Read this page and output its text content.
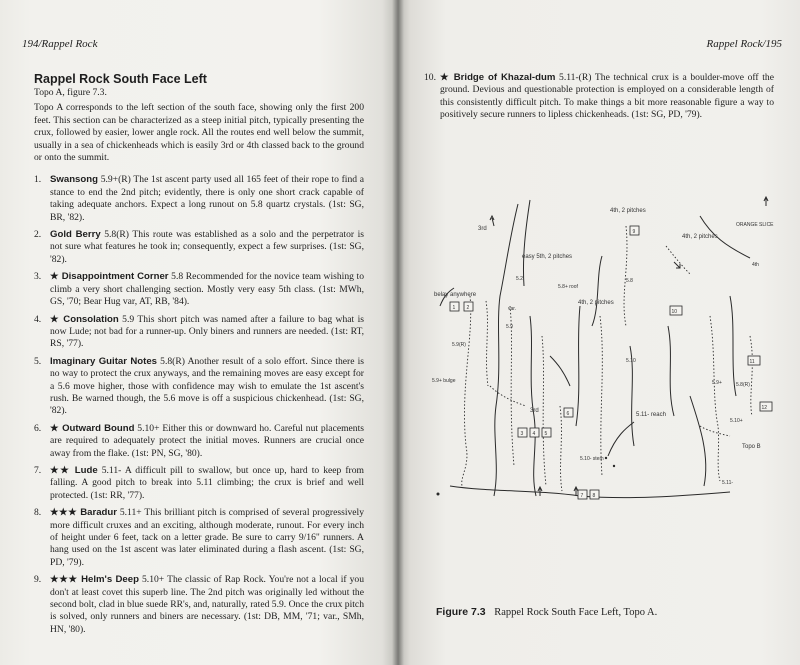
194/Rappel Rock
Rappel Rock South Face Left

Topo A, figure 7.3.

Topo A corresponds to the left section of the south face, showing only the first 200 feet. This section can be characterized as a steep initial pitch, typically presenting the crux, followed by easier, lower angle rock. All the routes end well below the summit, usually in a sea of chickenheads which is easily 3rd or 4th classed back to the ground or onto the summit.

1. Swansong 5.9+(R) The 1st ascent party used all 165 feet of their rope to find a stance to end the 2nd pitch; evidently, there is only one short crack capable of taking adequate anchors. Expect a long runout on 5.8 quartz crystals. (1st: SG, BR, '82).
2. Gold Berry 5.8(R) This route was established as a solo and the perpetrator is not sure what features he took in; consequently, expect a few surprises. (1st: SG, '82).
3. ★ Disappointment Corner 5.8 Recommended for the novice team wishing to climb a very short challenging section. Mostly very easy 5th class. (1st: MWh, GS, '70; Bear Hug var, AT, RB, '84).
4. ★ Consolation 5.9 This short pitch was named after a failure to bag what is now Lude; not bad for a runner-up. Only biners and runners are needed. (1st: RT, RS, '77).
5. Imaginary Guitar Notes 5.8(R) Another result of a solo effort. Since there is no way to protect the crux anyways, and the remaining moves are easy except for a 5.6 move higher, those with confidence may wish to emulate the 1st ascent's rush. Be warned though, the 5.6 move is off a suspicious chickenhead. (1st: SG, '82).
6. ★ Outward Bound 5.10+ Either this or downward ho. Careful nut placements are required to adequately protect the initial moves. Runners are crucial once away from the flake. (1st: PN, SG, '80).
7. ★★ Lude 5.11- A difficult pill to swallow, but once up, hard to keep from falling. A good pitch to break into 5.11 climbing; the crux is brief and well protected. (1st: RR, '77).
8. ★★★ Baradur 5.11+ This brilliant pitch is comprised of several progressively more difficult cruxes and an exciting, although moderate, runout. For every inch of height under 6 feet, tack on a letter grade. Be sure to carry 9/16" runners. A hang used on the 1st ascent was later eliminated during a flash ascent. (1st: SG, PD, '79).
9. ★★★ Helm's Deep 5.10+ The classic of Rap Rock. You're not a local if you don't at least covet this superb line. The 2nd pitch was originally led without the second bolt, clad in blue suede RR's, and, naturally, rated 5.9. Once the crux pitch is solved, only runners and biners are necessary. (1st: DB, MM, '71; var., SMh, HN, '80).
Rappel Rock/195
10. ★ Bridge of Khazal-dum 5.11-(R) The technical crux is a boulder-move off the ground. Devious and questionable protection is employed on a considerable length of this consistently difficult pitch. To make things a bit more reasonable figure a way to positively secure runners to lipless chickenheads. (1st: SG, PD, '79).
1 2
3 4 5
6
7 8
9
10
11
12
3rd
easy 5th, 2 pitches
belay anywhere
4th, 2 pitches
4th, 2 pitches
ORANGE SLICE
4th
4th, 2 pitches
5.8+ roof
5.11- reach
5.10- stem
Topo B
5.9
5.8
5.10
5.9+	5.8(R)
5.9(R)
5.10+
5.11-
5.9+ bulge
3rd
5.2
var.
Figure 7.3 Rappel Rock South Face Left, Topo A.
